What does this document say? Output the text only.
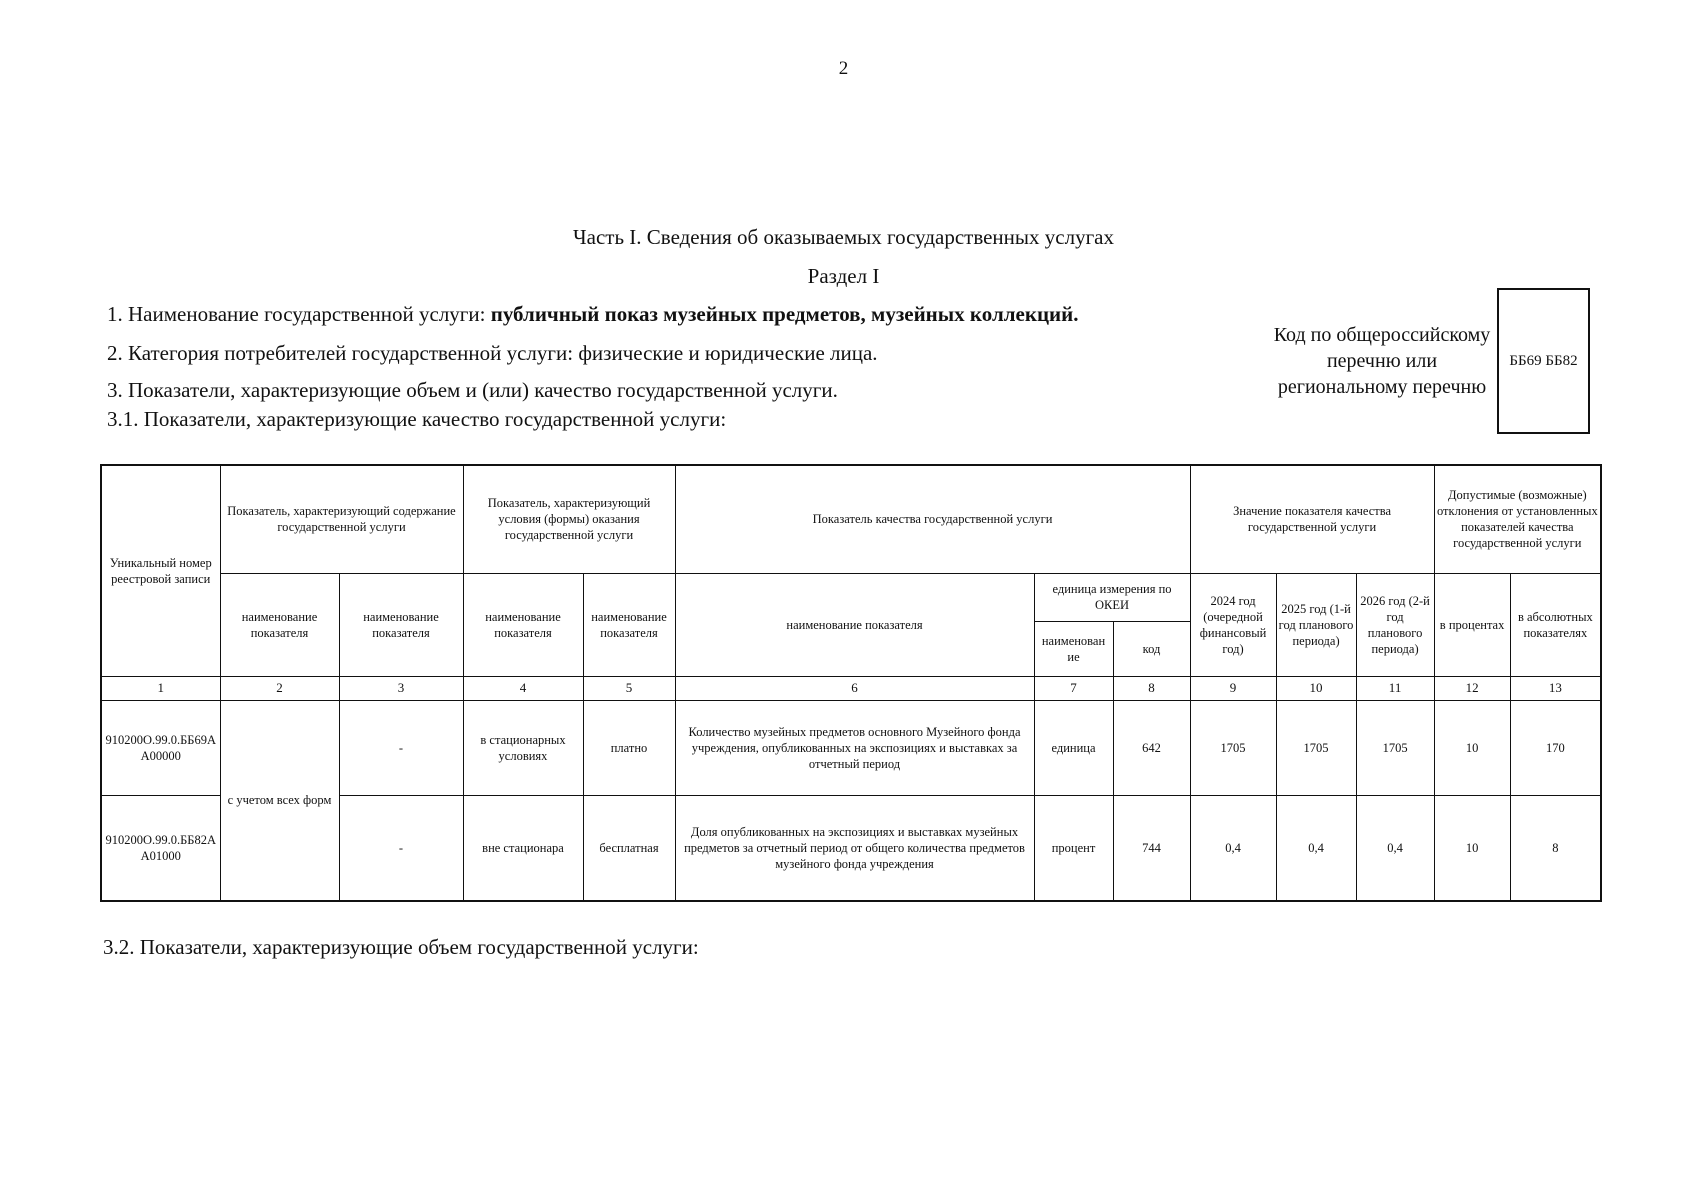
2
Часть I. Сведения об оказываемых государственных услугах
Раздел I
1. Наименование государственной услуги: публичный показ музейных предметов, музейных коллекций.
2. Категория потребителей государственной услуги: физические и юридические лица.
3. Показатели, характеризующие объем и (или) качество государственной услуги.
3.1. Показатели, характеризующие качество государственной услуги:
Код по общероссийскому
перечню или
региональному перечню
ББ69 ББ82
Уникальный номер реестровой записи	Показатель, характеризующий содержание государственной услуги		Показатель, характеризующий условия (формы) оказания государственной услуги		Показатель качества государственной услуги			Значение показателя качества государственной услуги			Допустимые (возможные) отклонения от установленных показателей качества государственной услуги	
	наименование показателя	наименование показателя	наименование показателя	наименование показателя	наименование показателя	единица измерения по ОКЕИ		2024 год (очередной финансовый год)	2025 год (1-й год планового периода)	2026 год (2-й год планового периода)	в процентах	в абсолютных показателях
						наименован ие	код					
1	2	3	4	5	6	7	8	9	10	11	12	13
910200О.99.0.ББ69АА00000	с учетом всех форм	-	в стационарных условиях	платно	Количество музейных предметов основного Музейного фонда учреждения, опубликованных на экспозициях и выставках за отчетный период	единица	642	1705	1705	1705	10	170
910200О.99.0.ББ82АА01000		-	вне стационара	бесплатная	Доля опубликованных на экспозициях и выставках музейных предметов за отчетный период от общего количества предметов музейного фонда учреждения	процент	744	0,4	0,4	0,4	10	8
3.2. Показатели, характеризующие объем государственной услуги:
